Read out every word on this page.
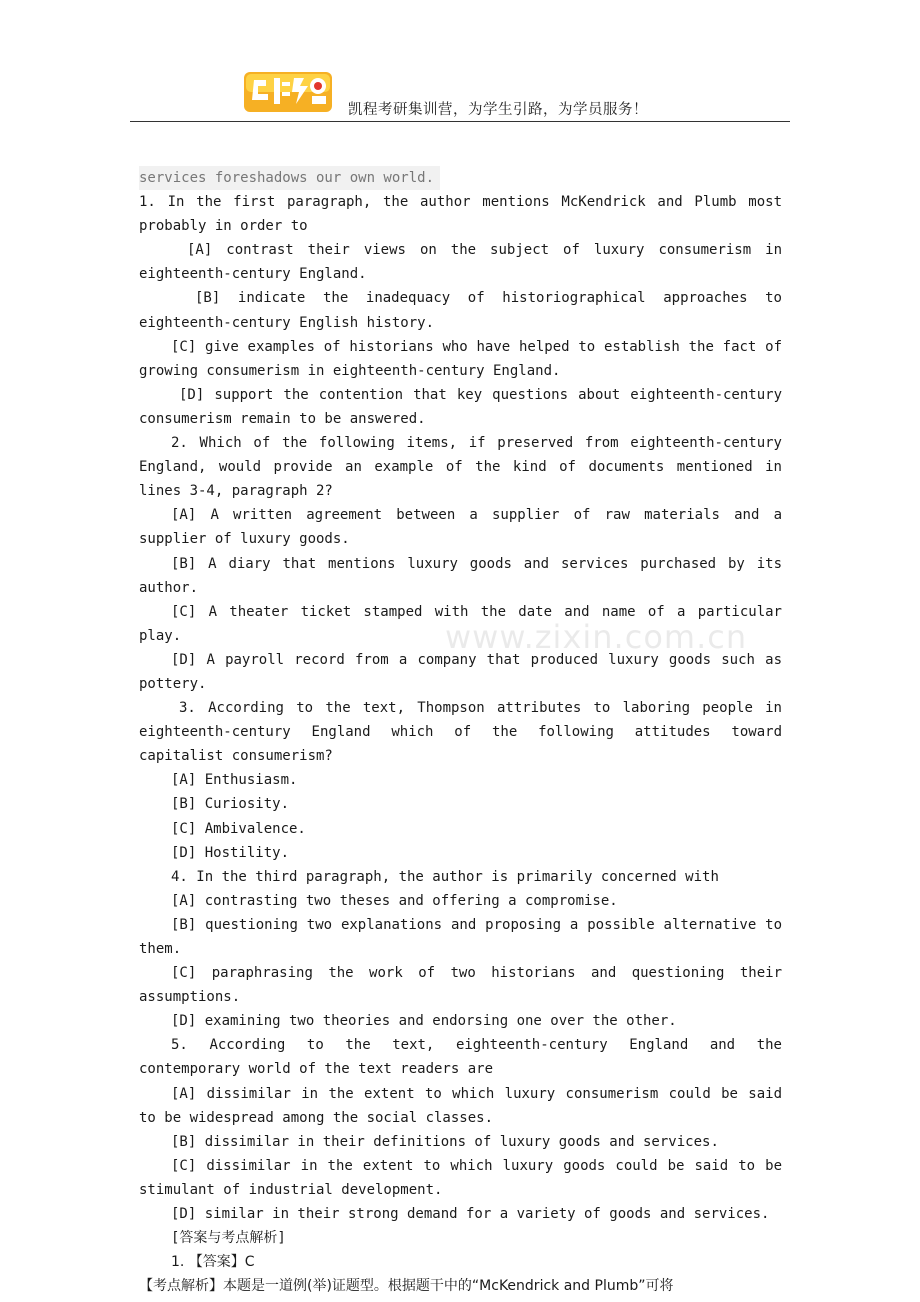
凯程考研集训营，为学生引路，为学员服务！
www.zixin.com.cn

services foreshadows our own world.

1. In the first paragraph, the author mentions McKendrick and Plumb most probably in order to

[A] contrast their views on the subject of luxury consumerism in eighteenth-century England.

[B] indicate the inadequacy of historiographical approaches to eighteenth-century English history.

[C] give examples of historians who have helped to establish the fact of growing consumerism in eighteenth-century England.

[D] support the contention that key questions about eighteenth-century consumerism remain to be answered.

2. Which of the following items, if preserved from eighteenth-century England, would provide an example of the kind of documents mentioned in lines 3-4, paragraph 2?

[A] A written agreement between a supplier of raw materials and a supplier of luxury goods.

[B] A diary that mentions luxury goods and services purchased by its author.

[C] A theater ticket stamped with the date and name of a particular play.

[D] A payroll record from a company that produced luxury goods such as pottery.

3. According to the text, Thompson attributes to laboring people in eighteenth-century England which of the following attitudes toward capitalist consumerism?

[A] Enthusiasm.

[B] Curiosity.

[C] Ambivalence.

[D] Hostility.

4. In the third paragraph, the author is primarily concerned with

[A] contrasting two theses and offering a compromise.

[B] questioning two explanations and proposing a possible alternative to them.

[C] paraphrasing the work of two historians and questioning their assumptions.

[D] examining two theories and endorsing one over the other.

5. According to the text, eighteenth-century England and the contemporary world of the text readers are

[A] dissimilar in the extent to which luxury consumerism could be said to be widespread among the social classes.

[B] dissimilar in their definitions of luxury goods and services.

[C] dissimilar in the extent to which luxury goods could be said to be stimulant of industrial development.

[D] similar in their strong demand for a variety of goods and services.

[答案与考点解析]

1. 【答案】C

【考点解析】本题是一道例(举)证题型。根据题干中的“McKendrick and Plumb”可将
